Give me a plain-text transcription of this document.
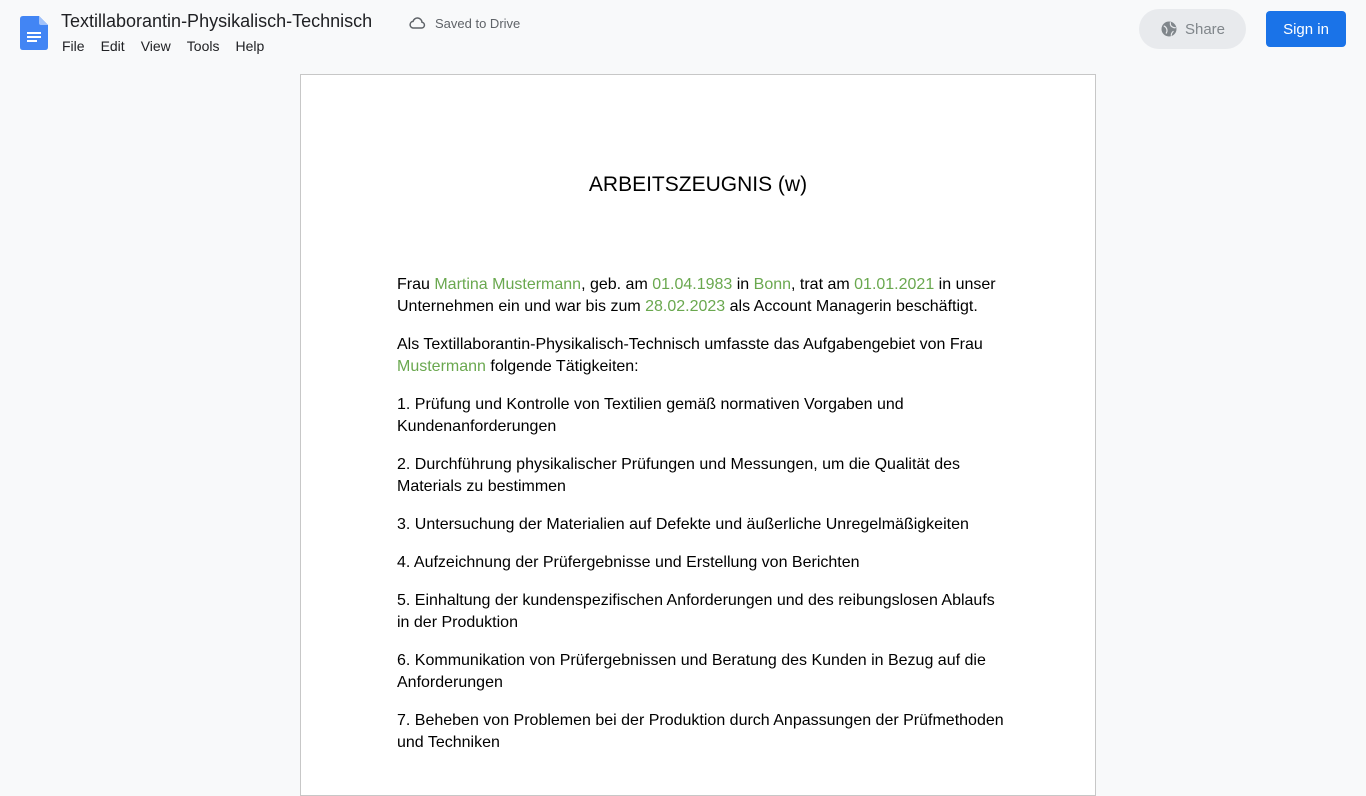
Textillaborantin-Physikalisch-Technisch	Saved to Drive
File	Edit	View	Tools	Help
Share	Sign in
ARBEITSZEUGNIS (w)

Frau Martina Mustermann, geb. am 01.04.1983 in Bonn, trat am 01.01.2021 in unser Unternehmen ein und war bis zum 28.02.2023 als Account Managerin beschäftigt.

Als Textillaborantin-Physikalisch-Technisch umfasste das Aufgabengebiet von Frau Mustermann folgende Tätigkeiten:

1. Prüfung und Kontrolle von Textilien gemäß normativen Vorgaben und Kundenanforderungen

2. Durchführung physikalischer Prüfungen und Messungen, um die Qualität des Materials zu bestimmen

3. Untersuchung der Materialien auf Defekte und äußerliche Unregelmäßigkeiten

4. Aufzeichnung der Prüfergebnisse und Erstellung von Berichten

5. Einhaltung der kundenspezifischen Anforderungen und des reibungslosen Ablaufs in der Produktion

6. Kommunikation von Prüfergebnissen und Beratung des Kunden in Bezug auf die Anforderungen

7. Beheben von Problemen bei der Produktion durch Anpassungen der Prüfmethoden und Techniken
